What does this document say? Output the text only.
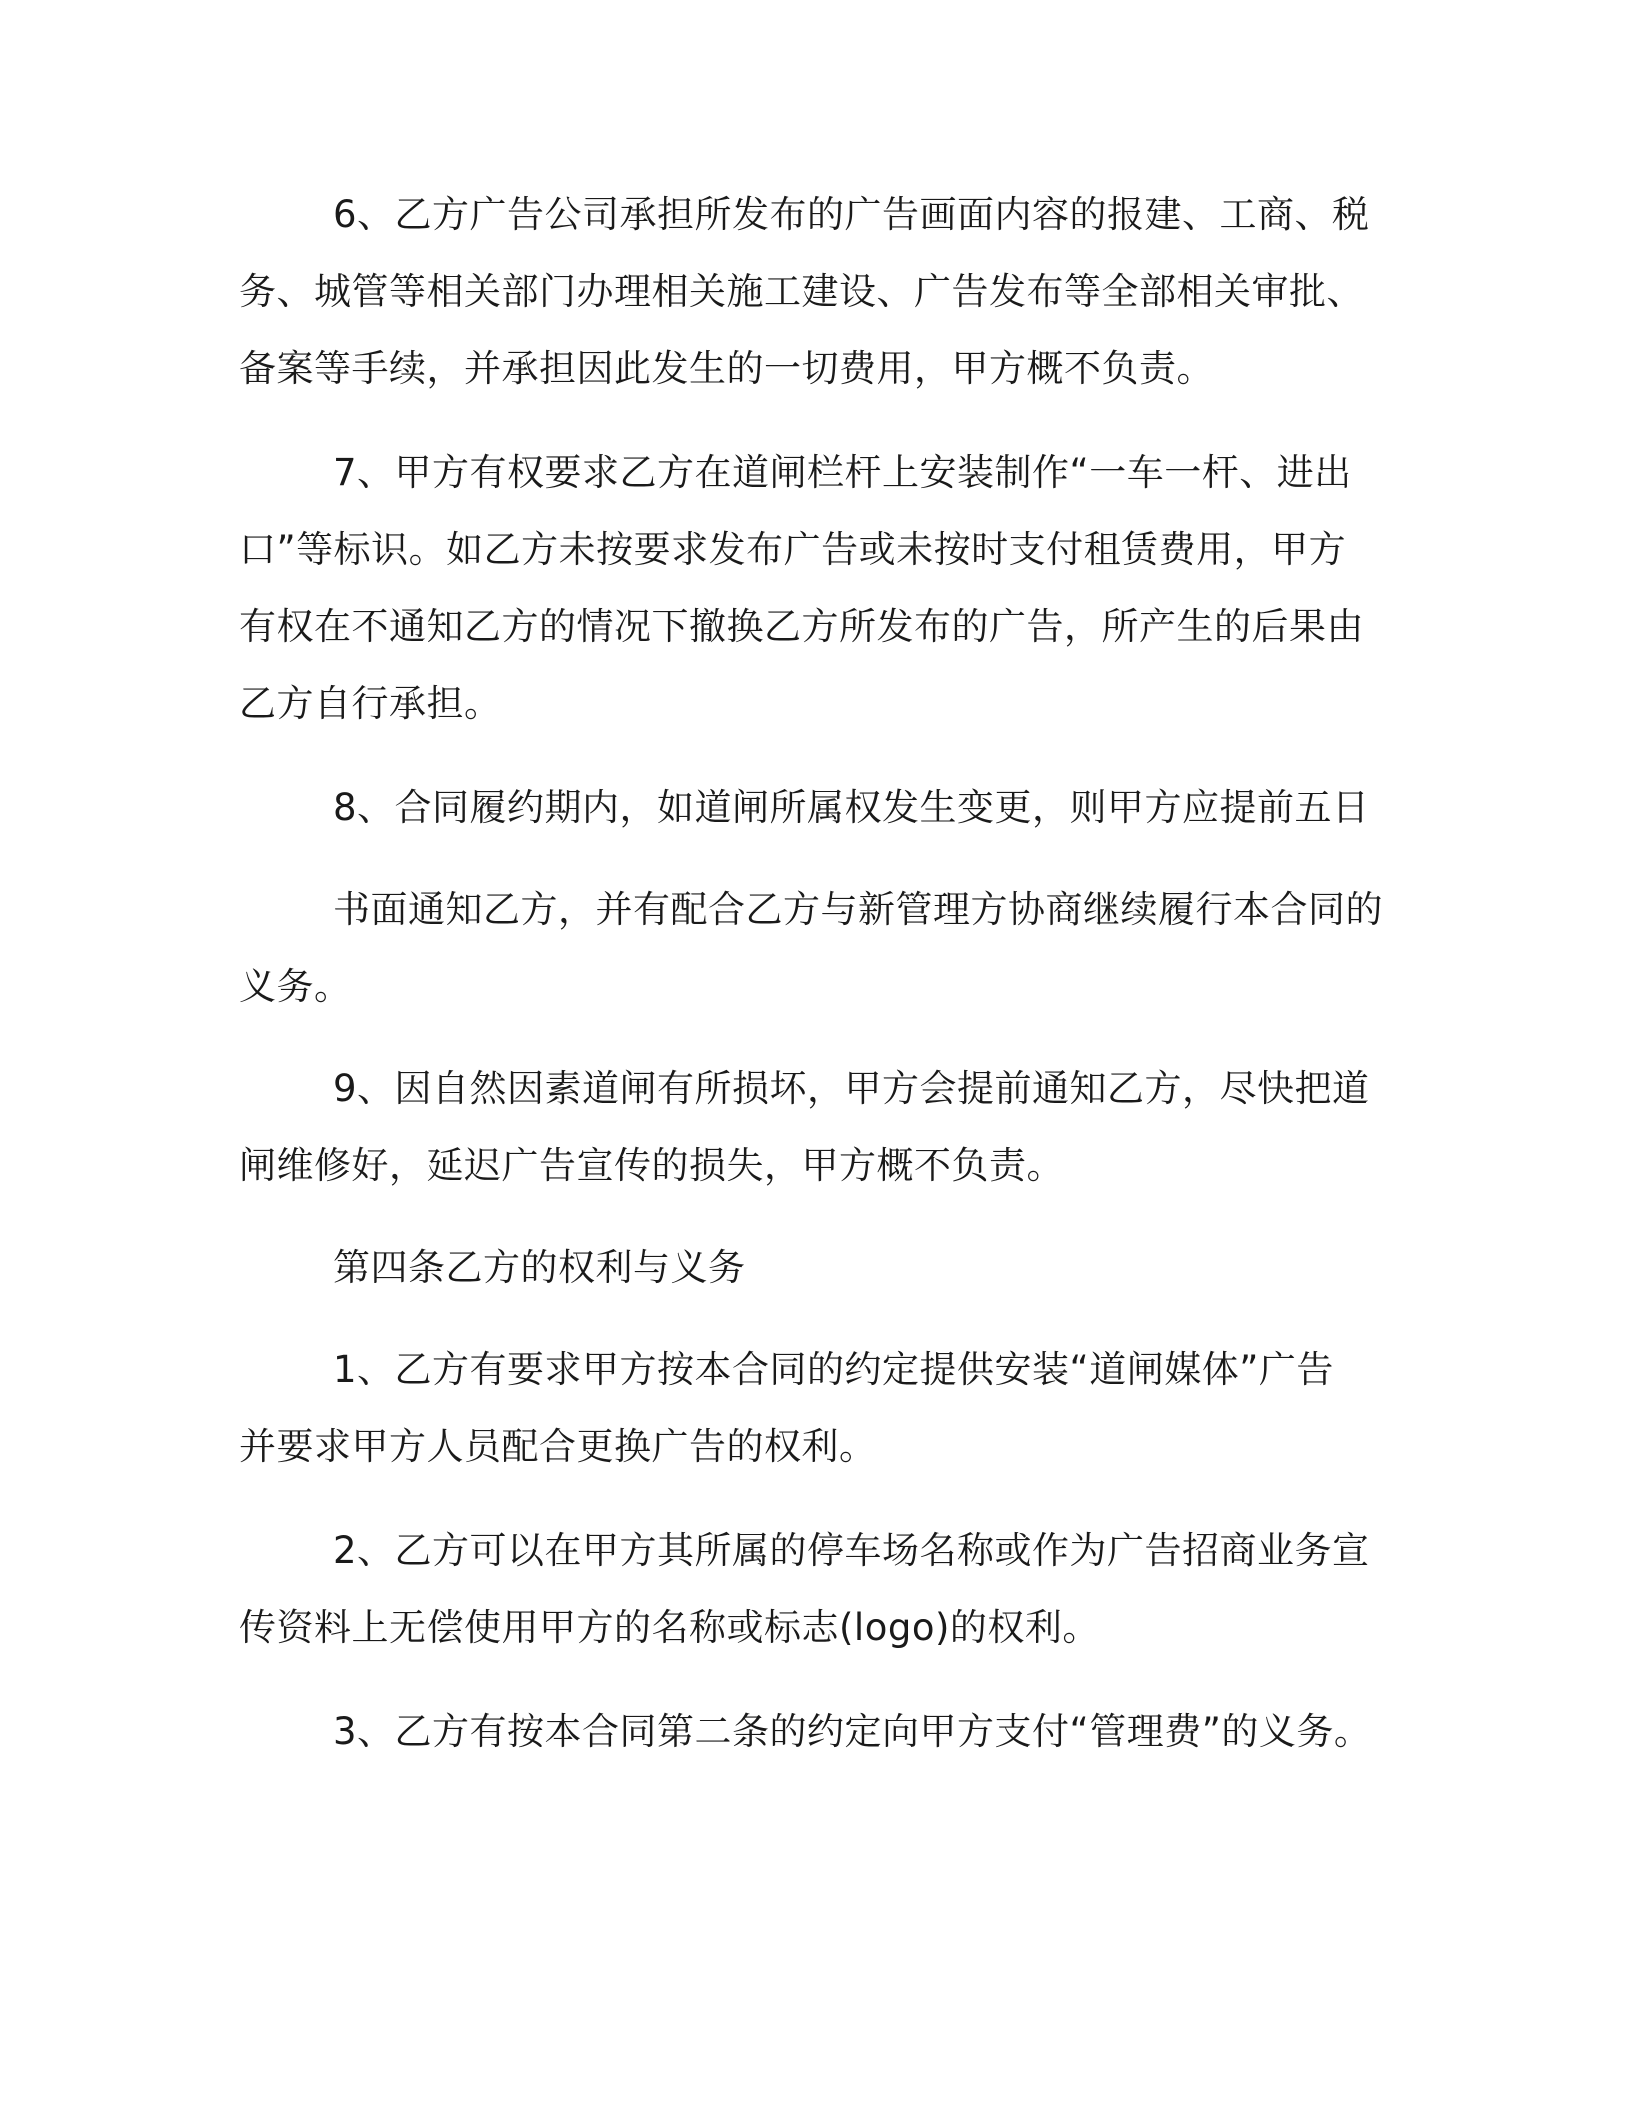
6、乙方广告公司承担所发布的广告画面内容的报建、工商、税
务、城管等相关部门办理相关施工建设、广告发布等全部相关审批、
备案等手续，并承担因此发生的一切费用，甲方概不负责。
7、甲方有权要求乙方在道闸栏杆上安装制作“一车一杆、进出
口”等标识。如乙方未按要求发布广告或未按时支付租赁费用，甲方
有权在不通知乙方的情况下撤换乙方所发布的广告，所产生的后果由
乙方自行承担。
8、合同履约期内，如道闸所属权发生变更，则甲方应提前五日
书面通知乙方，并有配合乙方与新管理方协商继续履行本合同的
义务。
9、因自然因素道闸有所损坏，甲方会提前通知乙方，尽快把道
闸维修好，延迟广告宣传的损失，甲方概不负责。
第四条乙方的权利与义务
1、乙方有要求甲方按本合同的约定提供安装“道闸媒体”广告
并要求甲方人员配合更换广告的权利。
2、乙方可以在甲方其所属的停车场名称或作为广告招商业务宣
传资料上无偿使用甲方的名称或标志(logo)的权利。
3、乙方有按本合同第二条的约定向甲方支付“管理费”的义务。
